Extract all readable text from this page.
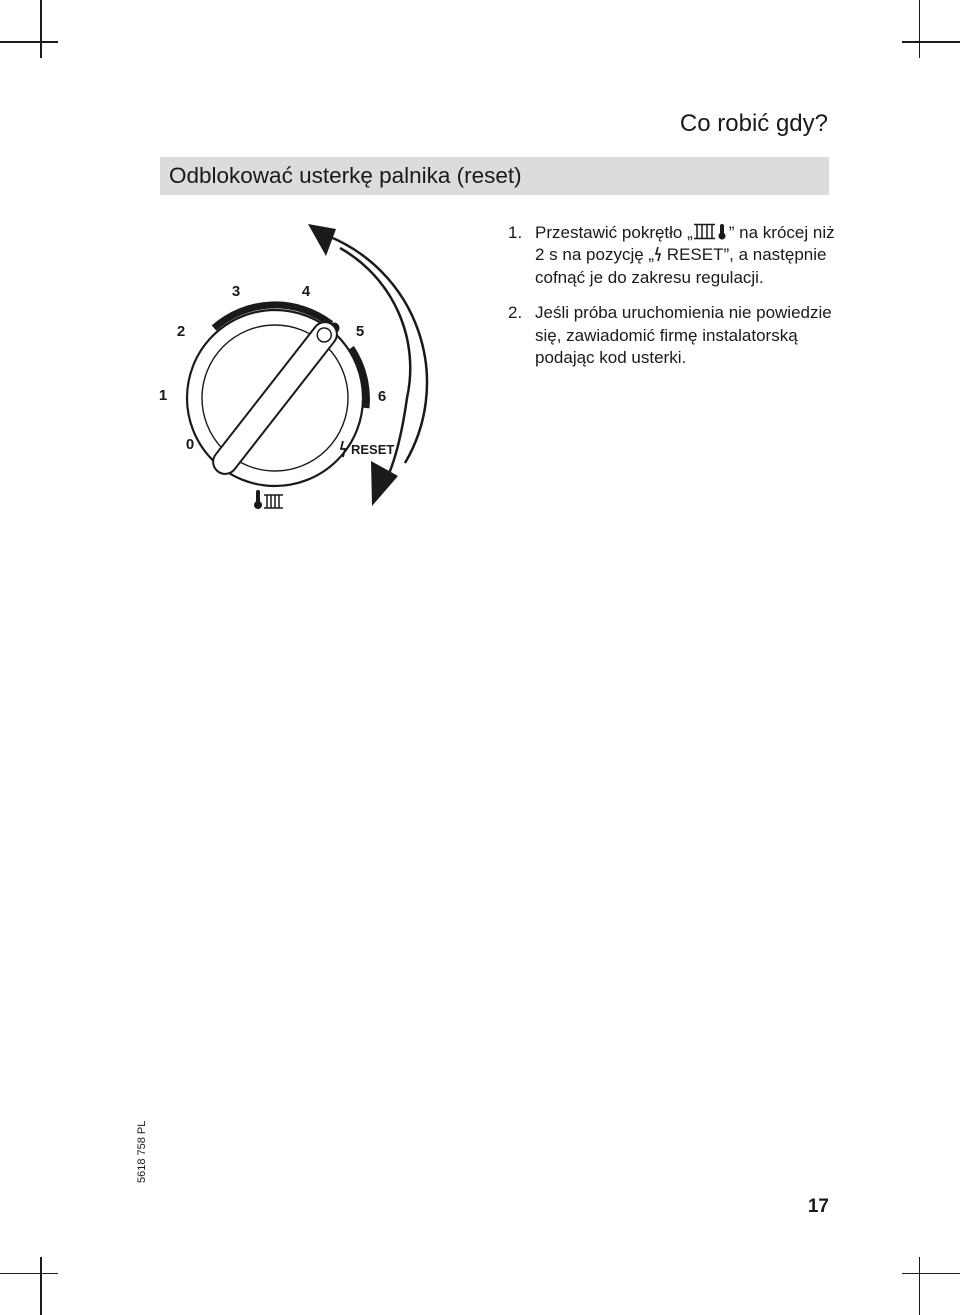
Co robić gdy?
Odblokować usterkę palnika (reset)
0
1
2
3	4
5
6
RESET
1. Przestawić pokrętło „ ” na krócej niż 2 s na pozycję „ RESET”, a następnie cofnąć je do zakresu regulacji.
2. Jeśli próba uruchomienia nie powiedzie się, zawiadomić firmę instalatorską podając kod usterki.
5618 758 PL
17
